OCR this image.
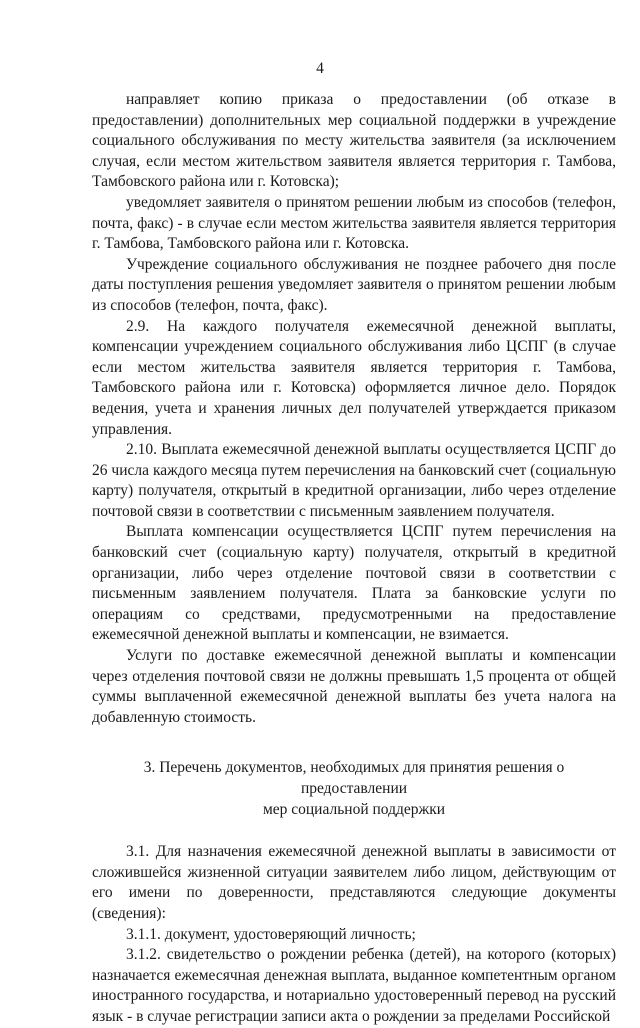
4

направляет копию приказа о предоставлении (об отказе в предоставлении) дополнительных мер социальной поддержки в учреждение социального обслуживания по месту жительства заявителя (за исключением случая, если местом жительством заявителя является территория г. Тамбова, Тамбовского района или г. Котовска);

уведомляет заявителя о принятом решении любым из способов (телефон, почта, факс) - в случае если местом жительства заявителя является территория г. Тамбова, Тамбовского района или г. Котовска.

Учреждение социального обслуживания не позднее рабочего дня после даты поступления решения уведомляет заявителя о принятом решении любым из способов (телефон, почта, факс).

2.9. На каждого получателя ежемесячной денежной выплаты, компенсации учреждением социального обслуживания либо ЦСПГ (в случае если местом жительства заявителя является территория г. Тамбова, Тамбовского района или г. Котовска) оформляется личное дело. Порядок ведения, учета и хранения личных дел получателей утверждается приказом управления.

2.10. Выплата ежемесячной денежной выплаты осуществляется ЦСПГ до 26 числа каждого месяца путем перечисления на банковский счет (социальную карту) получателя, открытый в кредитной организации, либо через отделение почтовой связи в соответствии с письменным заявлением получателя.

Выплата компенсации осуществляется ЦСПГ путем перечисления на банковский счет (социальную карту) получателя, открытый в кредитной организации, либо через отделение почтовой связи в соответствии с письменным заявлением получателя. Плата за банковские услуги по операциям со средствами, предусмотренными на предоставление ежемесячной денежной выплаты и компенсации, не взимается.

Услуги по доставке ежемесячной денежной выплаты и компенсации через отделения почтовой связи не должны превышать 1,5 процента от общей суммы выплаченной ежемесячной денежной выплаты без учета налога на добавленную стоимость.

3. Перечень документов, необходимых для принятия решения о предоставлении
мер социальной поддержки

3.1. Для назначения ежемесячной денежной выплаты в зависимости от сложившейся жизненной ситуации заявителем либо лицом, действующим от его имени по доверенности, представляются следующие документы (сведения):

3.1.1. документ, удостоверяющий личность;

3.1.2. свидетельство о рождении ребенка (детей), на которого (которых) назначается ежемесячная денежная выплата, выданное компетентным органом иностранного государства, и нотариально удостоверенный перевод на русский язык - в случае регистрации записи акта о рождении за пределами Российской
